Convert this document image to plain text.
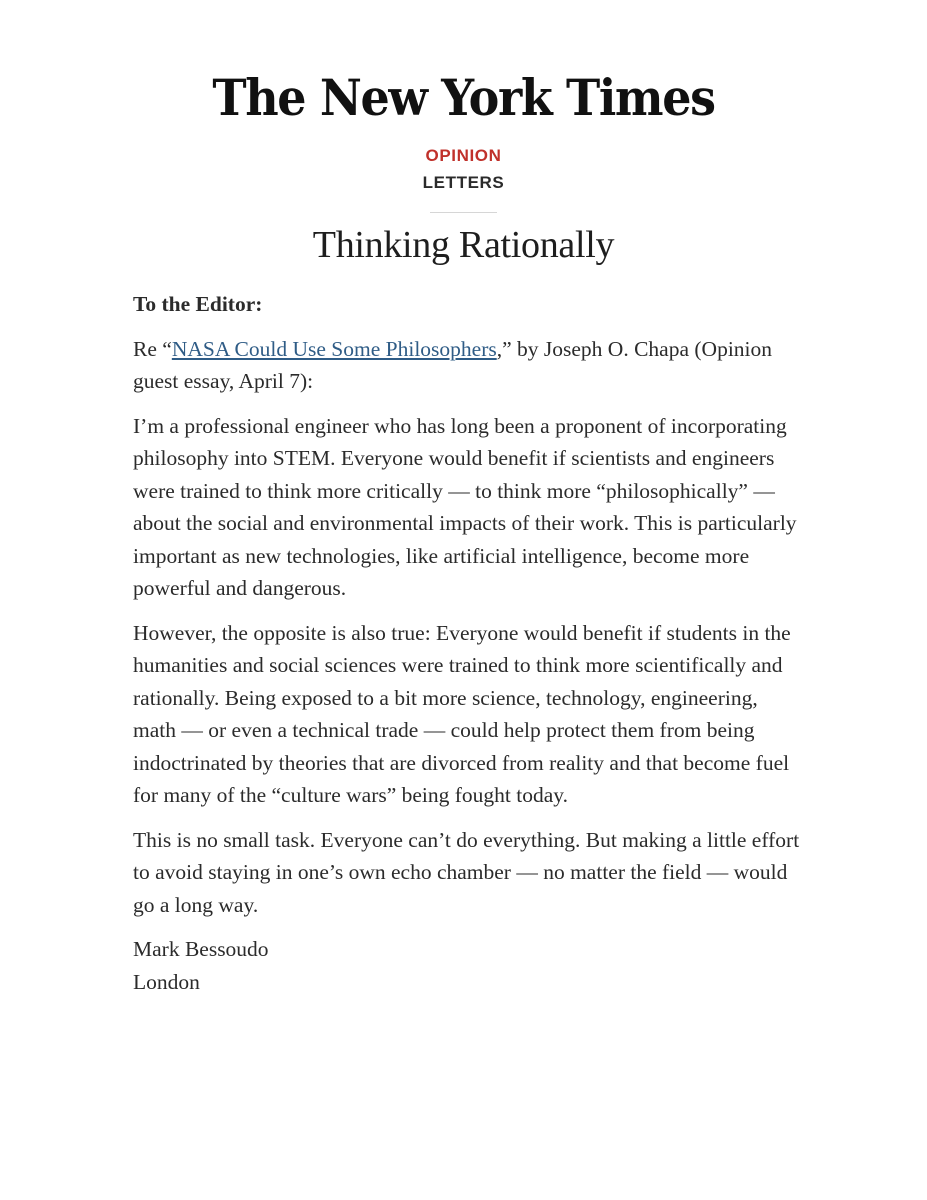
The New York Times
OPINION
LETTERS
Thinking Rationally

To the Editor:

Re “NASA Could Use Some Philosophers,” by Joseph O. Chapa (Opinion guest essay, April 7):

I’m a professional engineer who has long been a proponent of incorporating philosophy into STEM. Everyone would benefit if scientists and engineers were trained to think more critically — to think more “philosophically” — about the social and environmental impacts of their work. This is particularly important as new technologies, like artificial intelligence, become more powerful and dangerous.

However, the opposite is also true: Everyone would benefit if students in the humanities and social sciences were trained to think more scientifically and rationally. Being exposed to a bit more science, technology, engineering, math — or even a technical trade — could help protect them from being indoctrinated by theories that are divorced from reality and that become fuel for many of the “culture wars” being fought today.

This is no small task. Everyone can’t do everything. But making a little effort to avoid staying in one’s own echo chamber — no matter the field — would go a long way.

Mark Bessoudo
London
